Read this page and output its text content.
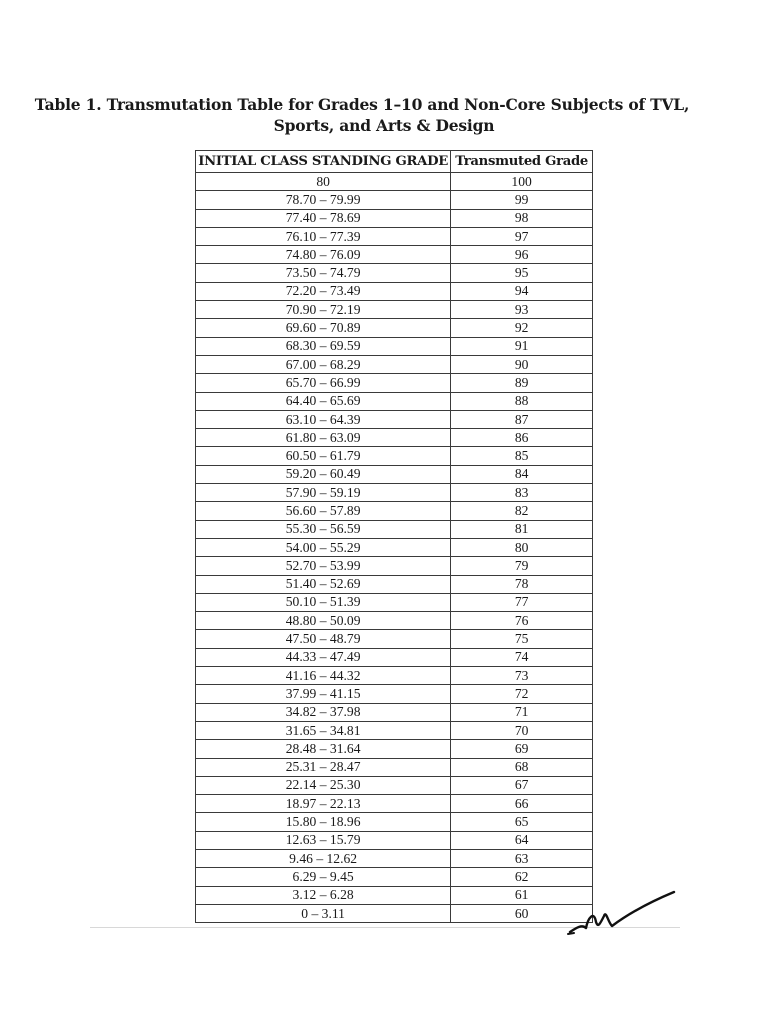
Table 1. Transmutation Table for Grades 1–10 and Non-Core Subjects of TVL,
Sports, and Arts & Design
INITIAL CLASS STANDING GRADE	Transmuted Grade
80	100
78.70 – 79.99	99
77.40 – 78.69	98
76.10 – 77.39	97
74.80 – 76.09	96
73.50 – 74.79	95
72.20 – 73.49	94
70.90 – 72.19	93
69.60 – 70.89	92
68.30 – 69.59	91
67.00 – 68.29	90
65.70 – 66.99	89
64.40 – 65.69	88
63.10 – 64.39	87
61.80 – 63.09	86
60.50 – 61.79	85
59.20 – 60.49	84
57.90 – 59.19	83
56.60 – 57.89	82
55.30 – 56.59	81
54.00 – 55.29	80
52.70 – 53.99	79
51.40 – 52.69	78
50.10 – 51.39	77
48.80 – 50.09	76
47.50 – 48.79	75
44.33 – 47.49	74
41.16 – 44.32	73
37.99 – 41.15	72
34.82 – 37.98	71
31.65 – 34.81	70
28.48 – 31.64	69
25.31 – 28.47	68
22.14 – 25.30	67
18.97 – 22.13	66
15.80 – 18.96	65
12.63 – 15.79	64
9.46 – 12.62	63
6.29 – 9.45	62
3.12 – 6.28	61
0 – 3.11	60
